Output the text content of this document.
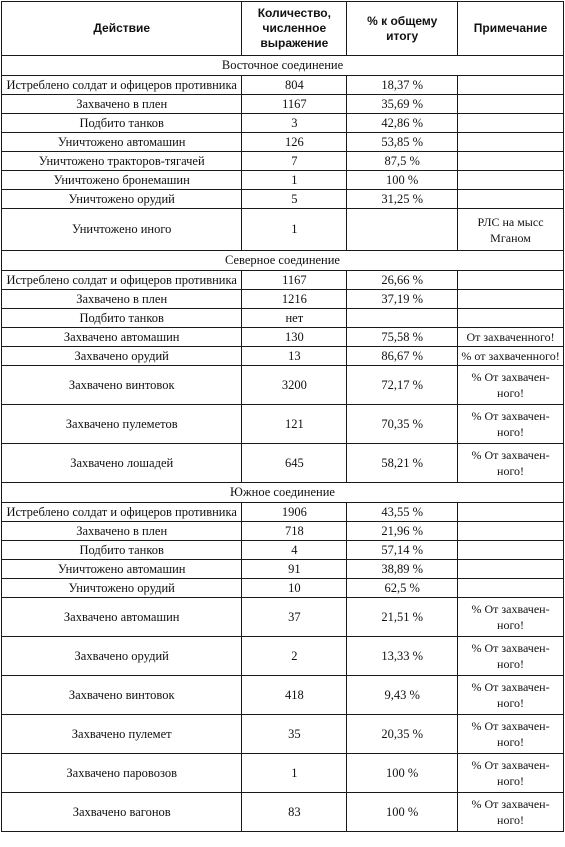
Действие	Количество, численное выражение	% к общему итогу	Примечание
Восточное соединение			
Истреблено солдат и офицеров противника	804	18,37 %	
Захвачено в плен	1167	35,69 %	
Подбито танков	3	42,86 %	
Уничтожено автомашин	126	53,85 %	
Уничтожено тракторов-тягачей	7	87,5 %	
Уничтожено бронемашин	1	100 %	
Уничтожено орудий	5	31,25 %	
Уничтожено иного	1		РЛС на мысс Мганом
Северное соединение			
Истреблено солдат и офицеров противника	1167	26,66 %	
Захвачено в плен	1216	37,19 %	
Подбито танков	нет		
Захвачено автомашин	130	75,58 %	От захваченного!
Захвачено орудий	13	86,67 %	% от захваченного!
Захвачено винтовок	3200	72,17 %	% От захвачен-ного!
Захвачено пулеметов	121	70,35 %	% От захвачен-ного!
Захвачено лошадей	645	58,21 %	% От захвачен-ного!
Южное соединение			
Истреблено солдат и офицеров противника	1906	43,55 %	
Захвачено в плен	718	21,96 %	
Подбито танков	4	57,14 %	
Уничтожено автомашин	91	38,89 %	
Уничтожено орудий	10	62,5 %	
Захвачено автомашин	37	21,51 %	% От захвачен-ного!
Захвачено орудий	2	13,33 %	% От захвачен-ного!
Захвачено винтовок	418	9,43 %	% От захвачен-ного!
Захвачено пулемет	35	20,35 %	% От захвачен-ного!
Захвачено паровозов	1	100 %	% От захвачен-ного!
Захвачено вагонов	83	100 %	% От захвачен-ного!
